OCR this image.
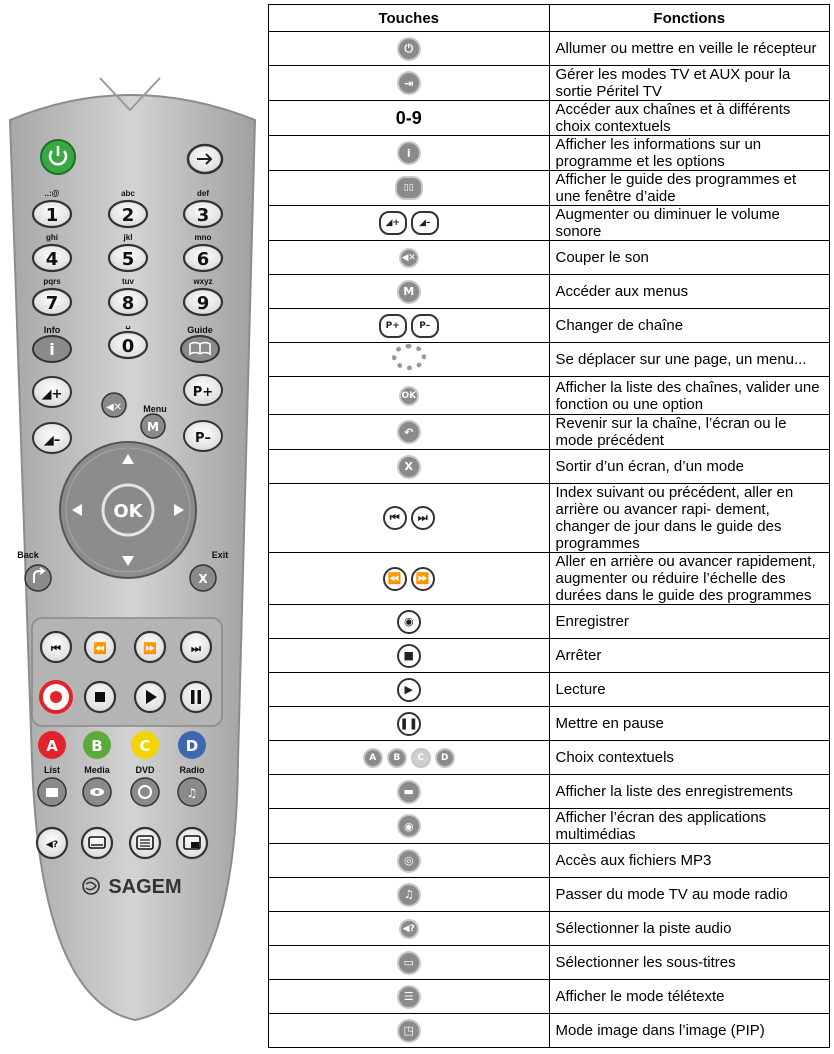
..:@
1
abc
2
def
3
ghi
4
jkl
5
mno
6
pqrs
7
tuv
8
wxyz
9
␣
0
Info	Guide
i
◢+
◢–
◀✕ Menu
M
P+
P–
OK
Back	Exit
X
⏮	⏪	⏩	⏭
A B C D
List	Media	DVD	Radio
♫
◀?
SAGEM
Touches	Fonctions
⏻	Allumer ou mettre en veille le récepteur
⇥	Gérer les modes TV et AUX pour la sortie Péritel TV
0-9	Accéder aux chaînes et à différents choix contextuels
i	Afficher les informations sur un programme et les options
▯▯	Afficher le guide des programmes et une fenêtre d’aide
◢+ ◢–	Augmenter ou diminuer le volume sonore
◀✕	Couper le son
M	Accéder aux menus
P+ P–	Changer de chaîne
	Se déplacer sur une page, un menu...
OK	Afficher la liste des chaînes, valider une fonction ou une option
↶	Revenir sur la chaîne, l’écran ou le mode précédent
X	Sortir d’un écran, d’un mode
⏮ ⏭	Index suivant ou précédent, aller en arrière ou avancer rapi- dement, changer de jour dans le guide des programmes
⏪ ⏩	Aller en arrière ou avancer rapidement, augmenter ou réduire l’échelle des durées dans le guide des programmes
◉	Enregistrer
■	Arrêter
▶	Lecture
❚❚	Mettre en pause
A B C D	Choix contextuels
▬	Afficher la liste des enregistrements
◉	Afficher l’écran des applications multimédias
◎	Accès aux fichiers MP3
♫	Passer du mode TV au mode radio
◀?	Sélectionner la piste audio
▭	Sélectionner les sous-titres
☰	Afficher le mode télétexte
◳	Mode image dans l’image (PIP)
